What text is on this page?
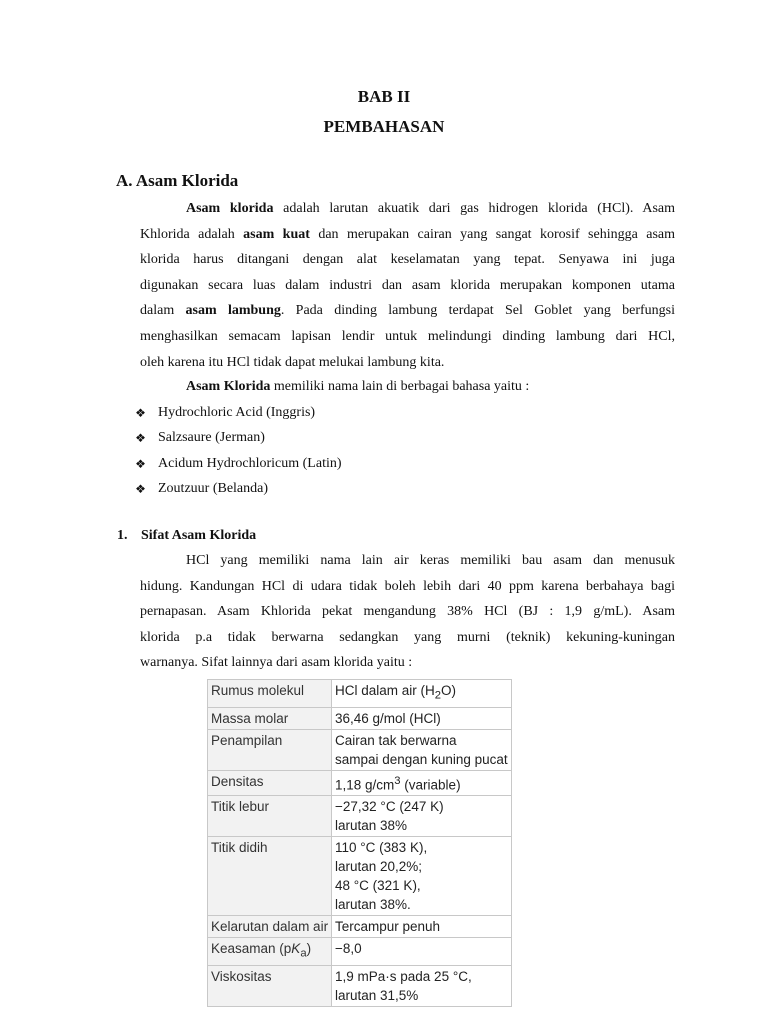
BAB II
PEMBAHASAN
A. Asam Klorida
Asam klorida adalah larutan akuatik dari gas hidrogen klorida (HCl). Asam
Khlorida adalah asam kuat dan merupakan cairan yang sangat korosif sehingga asam
klorida harus ditangani dengan alat keselamatan yang tepat. Senyawa ini juga
digunakan secara luas dalam industri dan asam klorida merupakan komponen utama
dalam asam lambung. Pada dinding lambung terdapat Sel Goblet yang berfungsi
menghasilkan semacam lapisan lendir untuk melindungi dinding lambung dari HCl,
oleh karena itu HCl tidak dapat melukai lambung kita.
Asam Klorida memiliki nama lain di berbagai bahasa yaitu :
❖ Hydrochloric Acid (Inggris)
❖ Salzsaure (Jerman)
❖ Acidum Hydrochloricum (Latin)
❖ Zoutzuur (Belanda)
1. Sifat Asam Klorida
HCl yang memiliki nama lain air keras memiliki bau asam dan menusuk
hidung. Kandungan HCl di udara tidak boleh lebih dari 40 ppm karena berbahaya bagi
pernapasan. Asam Khlorida pekat mengandung 38% HCl (BJ : 1,9 g/mL). Asam
klorida p.a tidak berwarna sedangkan yang murni (teknik) kekuning-kuningan
warnanya. Sifat lainnya dari asam klorida yaitu :
Rumus molekul	HCl dalam air $(H_2O)$
Massa molar	36,46 g/mol (HCl)
Penampilan	Cairan tak berwarna
sampai dengan kuning pucat
Densitas	1,18 $g/cm^3$ (variable)
Titik lebur	−27,32 °C (247 K)
larutan 38%
Titik didih	110 °C (383 K),
larutan 20,2%;
48 °C (321 K),
larutan 38%.
Kelarutan dalam air	Tercampur penuh
Keasaman $(pK_a)$	−8,0
Viskositas	1,9 mPa·s pada 25 °C,
larutan 31,5%
